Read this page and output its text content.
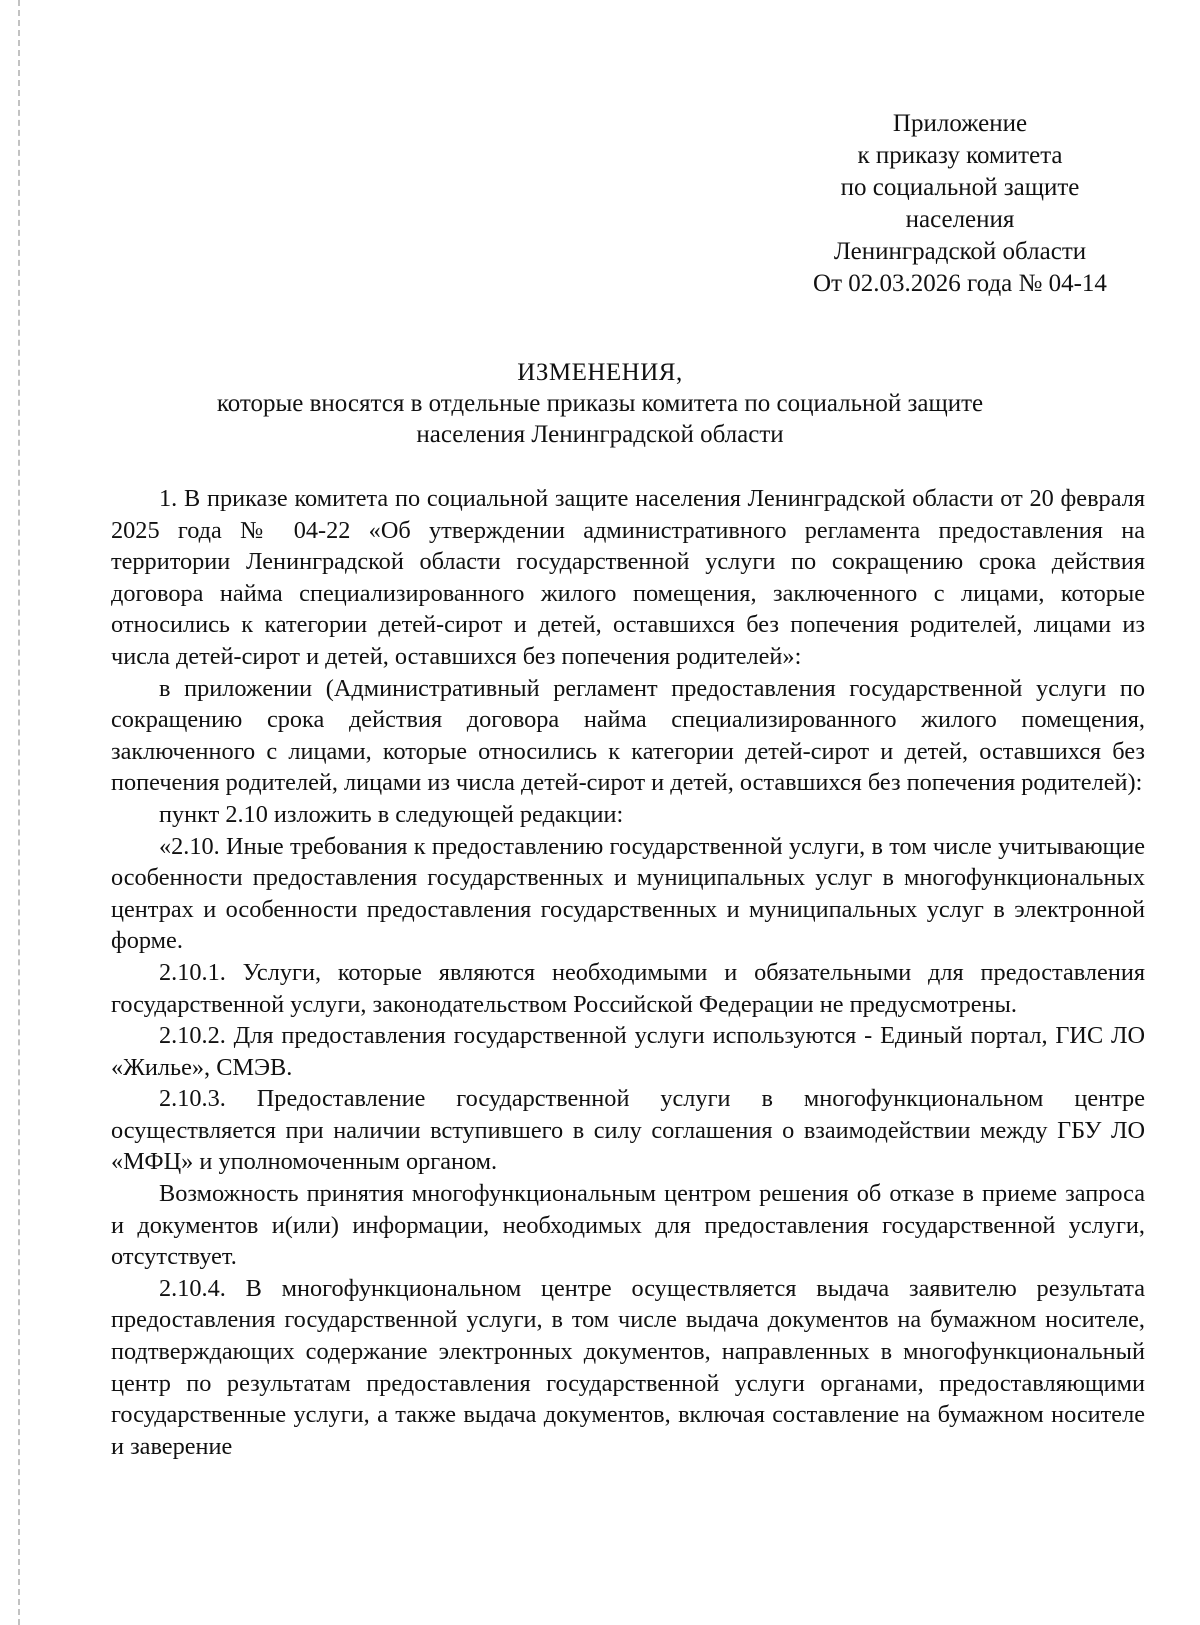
Приложение
к приказу комитета
по социальной защите
населения
Ленинградской области
От 02.03.2026 года № 04-14
ИЗМЕНЕНИЯ,
которые вносятся в отдельные приказы комитета по социальной защите
населения Ленинградской области

1. В приказе комитета по социальной защите населения Ленинградской области от 20 февраля 2025 года № 04-22 «Об утверждении административного регламента предоставления на территории Ленинградской области государственной услуги по сокращению срока действия договора найма специализированного жилого помещения, заключенного с лицами, которые относились к категории детей-сирот и детей, оставшихся без попечения родителей, лицами из числа детей-сирот и детей, оставшихся без попечения родителей»:

в приложении (Административный регламент предоставления государственной услуги по сокращению срока действия договора найма специализированного жилого помещения, заключенного с лицами, которые относились к категории детей-сирот и детей, оставшихся без попечения родителей, лицами из числа детей-сирот и детей, оставшихся без попечения родителей):

пункт 2.10 изложить в следующей редакции:

«2.10. Иные требования к предоставлению государственной услуги, в том числе учитывающие особенности предоставления государственных и муниципальных услуг в многофункциональных центрах и особенности предоставления государственных и муниципальных услуг в электронной форме.

2.10.1. Услуги, которые являются необходимыми и обязательными для предоставления государственной услуги, законодательством Российской Федерации не предусмотрены.

2.10.2. Для предоставления государственной услуги используются - Единый портал, ГИС ЛО «Жилье», СМЭВ.

2.10.3. Предоставление государственной услуги в многофункциональном центре осуществляется при наличии вступившего в силу соглашения о взаимодействии между ГБУ ЛО «МФЦ» и уполномоченным органом.

Возможность принятия многофункциональным центром решения об отказе в приеме запроса и документов и(или) информации, необходимых для предоставления государственной услуги, отсутствует.

2.10.4. В многофункциональном центре осуществляется выдача заявителю результата предоставления государственной услуги, в том числе выдача документов на бумажном носителе, подтверждающих содержание электронных документов, направленных в многофункциональный центр по результатам предоставления государственной услуги органами, предоставляющими государственные услуги, а также выдача документов, включая составление на бумажном носителе и заверение
